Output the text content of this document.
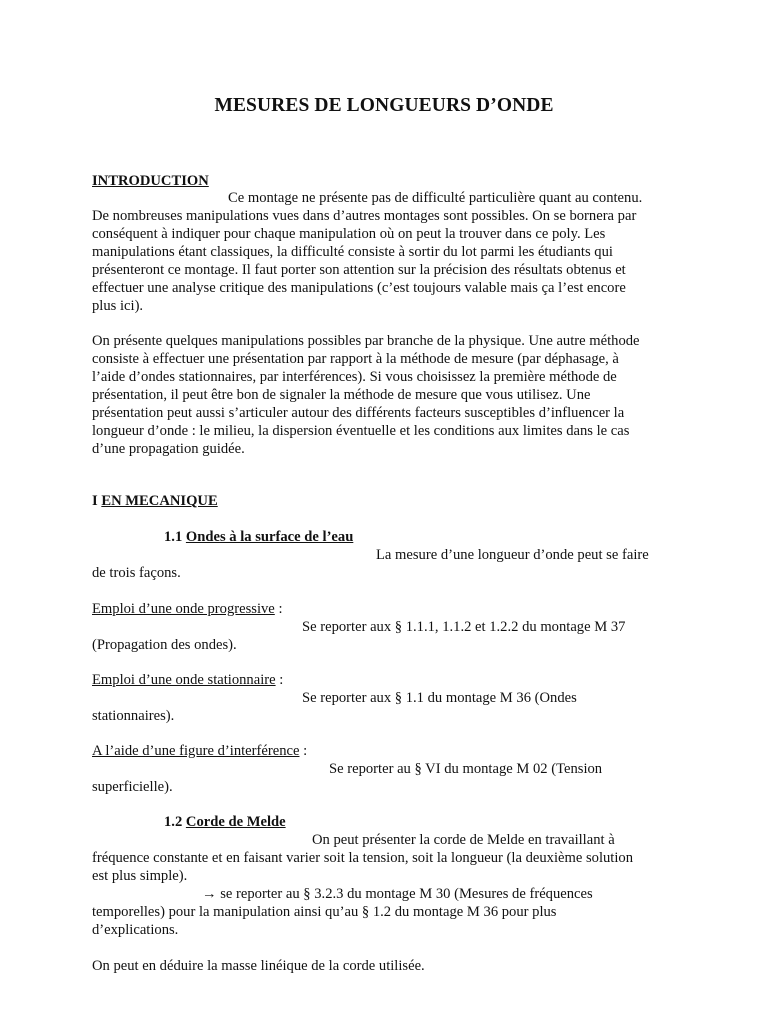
MESURES DE LONGUEURS D’ONDE
INTRODUCTION
Ce montage ne présente pas de difficulté particulière quant au contenu.
De nombreuses manipulations vues dans d’autres montages sont possibles. On se bornera par
conséquent à indiquer pour chaque manipulation où on peut la trouver dans ce poly. Les
manipulations étant classiques, la difficulté consiste à sortir du lot parmi les étudiants qui
présenteront ce montage. Il faut porter son attention sur la précision des résultats obtenus et
effectuer une analyse critique des manipulations (c’est toujours valable mais ça l’est encore
plus ici).
On présente quelques manipulations possibles par branche de la physique. Une autre méthode
consiste à effectuer une présentation par rapport à la méthode de mesure (par déphasage, à
l’aide d’ondes stationnaires, par interférences). Si vous choisissez la première méthode de
présentation, il peut être bon de signaler la méthode de mesure que vous utilisez. Une
présentation peut aussi s’articuler autour des différents facteurs susceptibles d’influencer la
longueur d’onde : le milieu, la dispersion éventuelle et les conditions aux limites dans le cas
d’une propagation guidée.
I EN MECANIQUE
1.1 Ondes à la surface de l’eau
La mesure d’une longueur d’onde peut se faire
de trois façons.
Emploi d’une onde progressive :
Se reporter aux § 1.1.1, 1.1.2 et 1.2.2 du montage M 37
(Propagation des ondes).
Emploi d’une onde stationnaire :
Se reporter aux § 1.1 du montage M 36 (Ondes
stationnaires).
A l’aide d’une figure d’interférence :
Se reporter au § VI du montage M 02 (Tension
superficielle).
1.2 Corde de Melde
On peut présenter la corde de Melde en travaillant à
fréquence constante et en faisant varier soit la tension, soit la longueur (la deuxième solution
est plus simple).
→ se reporter au § 3.2.3 du montage M 30 (Mesures de fréquences
temporelles) pour la manipulation ainsi qu’au § 1.2 du montage M 36 pour plus
d’explications.
On peut en déduire la masse linéique de la corde utilisée.
